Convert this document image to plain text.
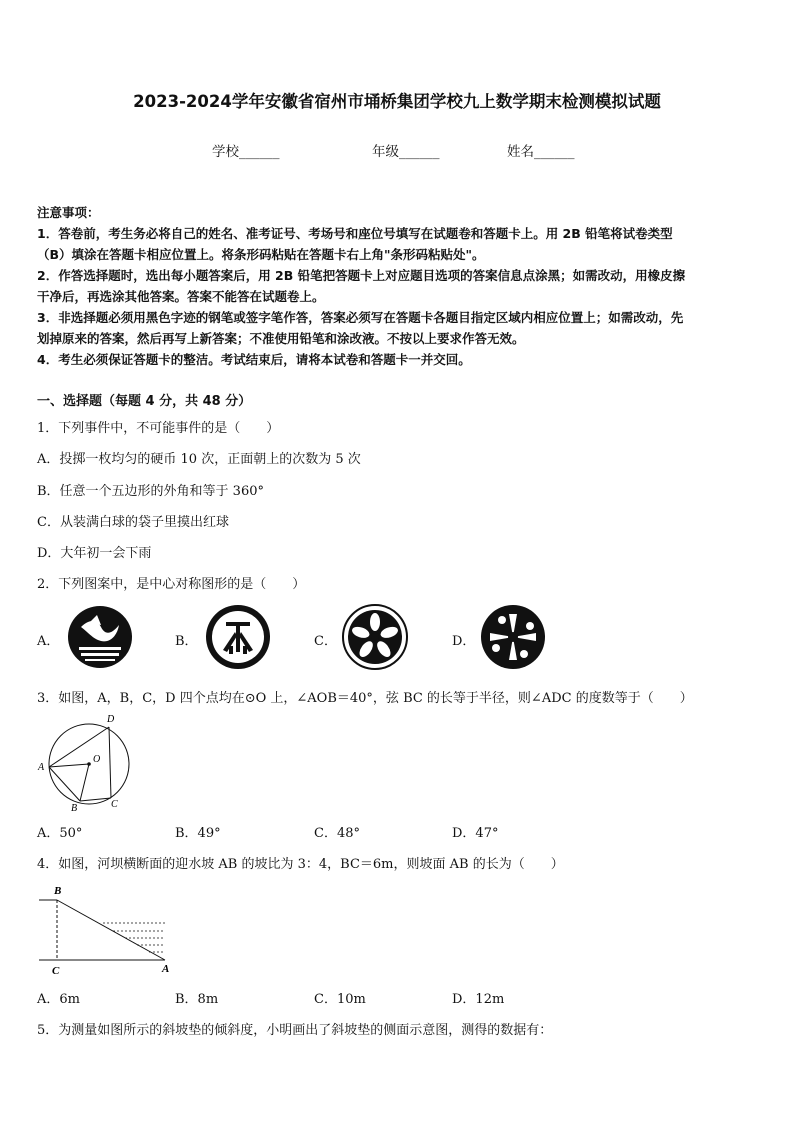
2023-2024学年安徽省宿州市埇桥集团学校九上数学期末检测模拟试题
学校______	年级______	姓名______
注意事项：
1．答卷前，考生务必将自己的姓名、准考证号、考场号和座位号填写在试题卷和答题卡上。用 2B 铅笔将试卷类型
（B）填涂在答题卡相应位置上。将条形码粘贴在答题卡右上角"条形码粘贴处"。
2．作答选择题时，选出每小题答案后，用 2B 铅笔把答题卡上对应题目选项的答案信息点涂黑；如需改动，用橡皮擦
干净后，再选涂其他答案。答案不能答在试题卷上。
3．非选择题必须用黑色字迹的钢笔或签字笔作答，答案必须写在答题卡各题目指定区域内相应位置上；如需改动，先
划掉原来的答案，然后再写上新答案；不准使用铅笔和涂改液。不按以上要求作答无效。
4．考生必须保证答题卡的整洁。考试结束后，请将本试卷和答题卡一并交回。
一、选择题（每题 4 分，共 48 分）
1．下列事件中，不可能事件的是（　　）
A．投掷一枚均匀的硬币 10 次，正面朝上的次数为 5 次
B．任意一个五边形的外角和等于 360°
C．从装满白球的袋子里摸出红球
D．大年初一会下雨
2．下列图案中，是中心对称图形的是（　　）
A．	B．	C．	D．
3．如图，A，B，C，D 四个点均在⊙O 上，∠AOB＝40°，弦 BC 的长等于半径，则∠ADC 的度数等于（　　）
D
A
O
B	C
A．50°	B．49°	C．48°	D．47°
4．如图，河坝横断面的迎水坡 AB 的坡比为 3：4，BC＝6m，则坡面 AB 的长为（　　）
B
C	A
A．6m	B．8m	C．10m	D．12m
5．为测量如图所示的斜坡垫的倾斜度，小明画出了斜坡垫的侧面示意图，测得的数据有：
